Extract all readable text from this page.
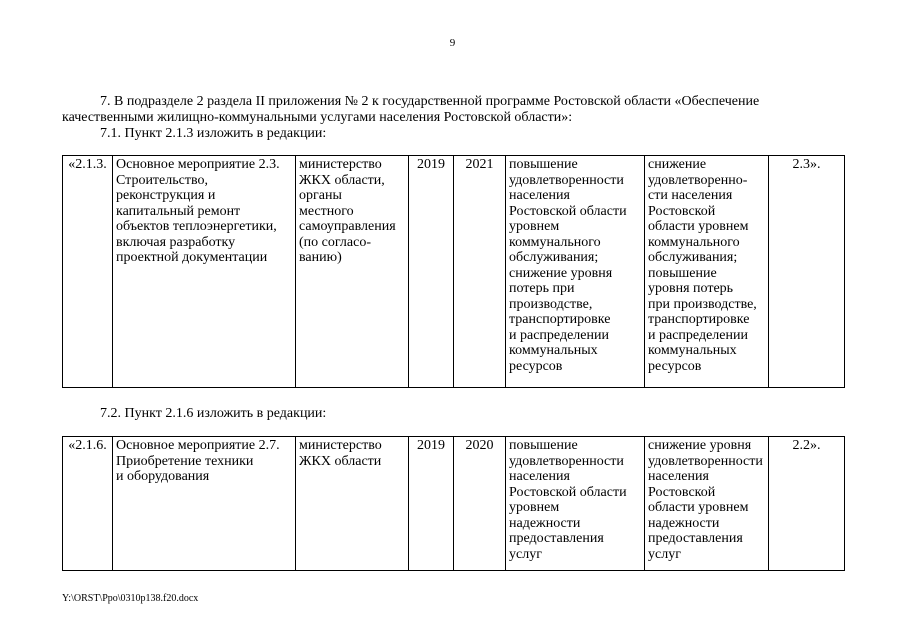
9
7. В подразделе 2 раздела II приложения № 2 к государственной программе Ростовской области «Обеспечение
качественными жилищно-коммунальными услугами населения Ростовской области»:
7.1. Пункт 2.1.3 изложить в редакции:
«2.1.3.	Основное мероприятие 2.3.
Строительство,
реконструкция и
капитальный ремонт
объектов теплоэнергетики,
включая разработку
проектной документации	министерство
ЖКХ области,
органы
местного
самоуправления
(по согласо-
ванию)	2019	2021	повышение
удовлетворенности
населения
Ростовской области
уровнем
коммунального
обслуживания;
снижение уровня
потерь при
производстве,
транспортировке
и распределении
коммунальных
ресурсов	снижение
удовлетворенно-
сти населения
Ростовской
области уровнем
коммунального
обслуживания;
повышение
уровня потерь
при производстве,
транспортировке
и распределении
коммунальных
ресурсов	2.3».
7.2. Пункт 2.1.6 изложить в редакции:
«2.1.6.	Основное мероприятие 2.7.
Приобретение техники
и оборудования	министерство
ЖКХ области	2019	2020	повышение
удовлетворенности
населения
Ростовской области
уровнем
надежности
предоставления
услуг	снижение уровня
удовлетворенности
населения
Ростовской
области уровнем
надежности
предоставления
услуг	2.2».
Y:\ORST\Ppo\0310p138.f20.docx
